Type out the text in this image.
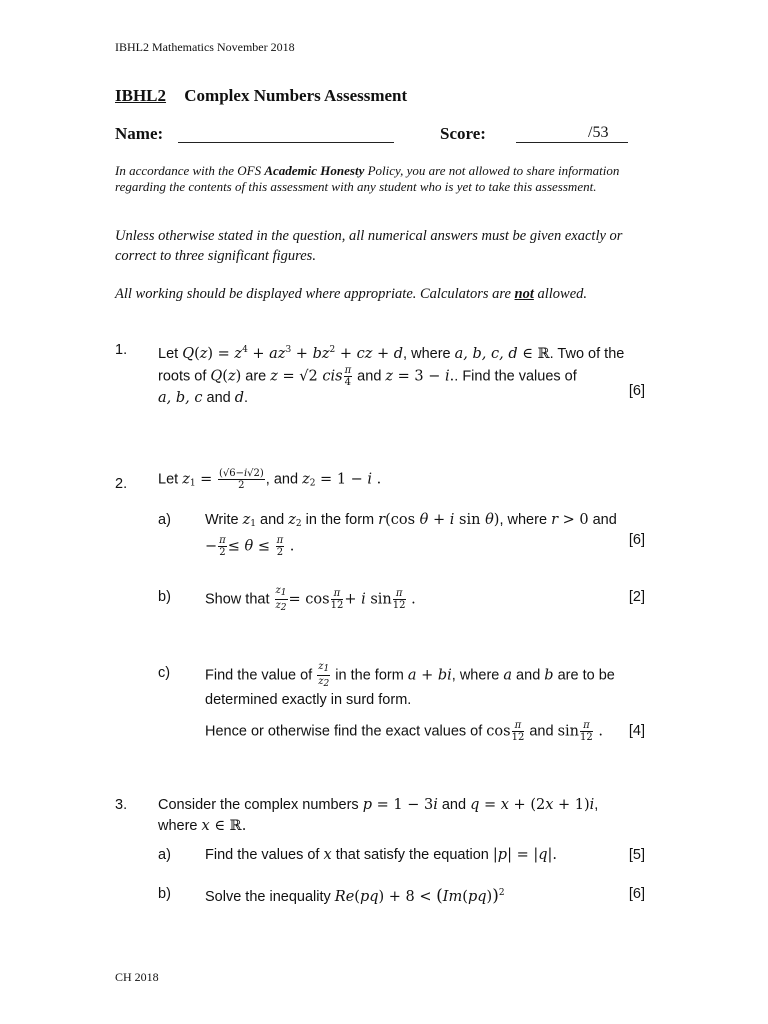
IBHL2 Mathematics November 2018
IBHL2 Complex Numbers Assessment
Name:	Score:	/53
In accordance with the OFS Academic Honesty Policy, you are not allowed to share information regarding the contents of this assessment with any student who is yet to take this assessment.
Unless otherwise stated in the question, all numerical answers must be given exactly or correct to three significant figures.
All working should be displayed where appropriate. Calculators are not allowed.
1. Let $Q(z) = z^4 + az^3 + bz^2$ + cz + d, where a, b, c, d ∈ ℝ. Two of the
roots of Q(z) are z = √2 cis $\frac{\pi}{4}$ and z = 3 − i.. Find the values of
a, b, c and d.	[6]
2. Let $z_1 = \frac{(√6-i√2)}{2}$ , and $z_2 = 1 - i$ .
a) Write $z_1$ and $z_2$ in the form r(cos θ + i sin θ), where r > 0 and
− $\frac{\pi}{2} \le \theta \le \frac{\pi}{2}$ .	[6]
b) Show that $\frac{z1}{z2} = \cos \frac{\pi}{12} + i$ $\sin \frac{\pi}{12}$ .	[2]
c) Find the value of $\frac{z1}{z2}$ in the form a + bi, where a and b are to be
determined exactly in surd form.
Hence or otherwise find the exact values of $\cos \frac{\pi}{12}$ and $\sin \frac{\pi}{12}$ .	[4]
3. Consider the complex numbers p = 1 − 3i and q = x + (2x + 1)i,
where x ∈ ℝ.
a) Find the values of x that satisfy the equation |p| = |q|.	[5]
b) Solve the inequality $Re(pq) + 8 < (Im(pq))^2$	[6]
CH 2018
